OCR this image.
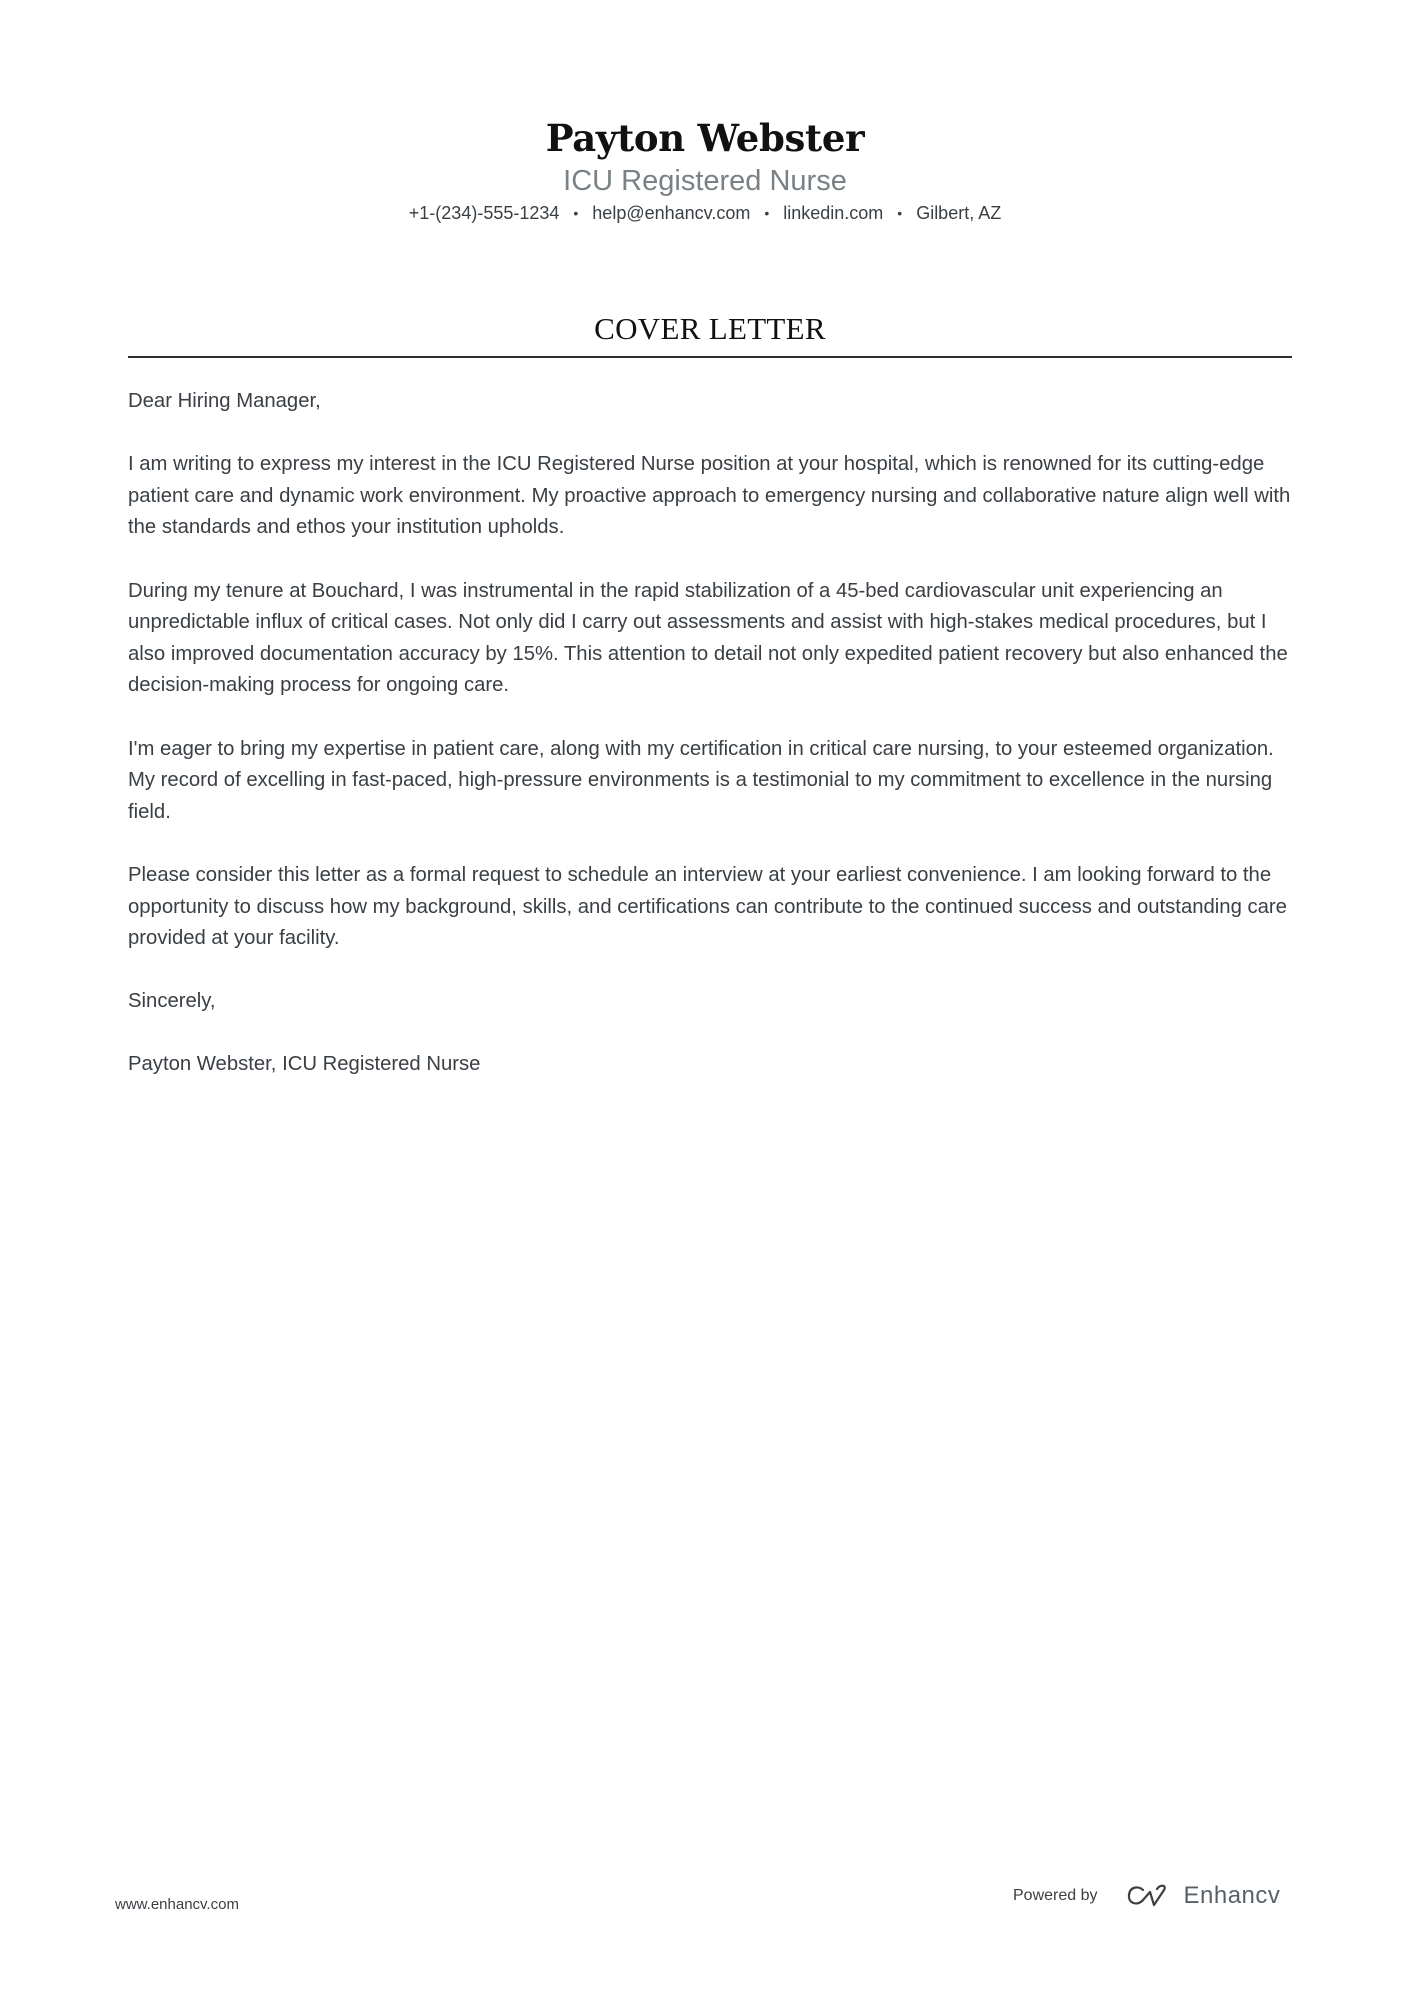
Payton Webster
ICU Registered Nurse
+1-(234)-555-1234 • help@enhancv.com • linkedin.com • Gilbert, AZ
COVER LETTER

Dear Hiring Manager,

I am writing to express my interest in the ICU Registered Nurse position at your hospital, which is renowned for its cutting-edge patient care and dynamic work environment. My proactive approach to emergency nursing and collaborative nature align well with the standards and ethos your institution upholds.

During my tenure at Bouchard, I was instrumental in the rapid stabilization of a 45-bed cardiovascular unit experiencing an unpredictable influx of critical cases. Not only did I carry out assessments and assist with high-stakes medical procedures, but I also improved documentation accuracy by 15%. This attention to detail not only expedited patient recovery but also enhanced the decision-making process for ongoing care.

I'm eager to bring my expertise in patient care, along with my certification in critical care nursing, to your esteemed organization. My record of excelling in fast-paced, high-pressure environments is a testimonial to my commitment to excellence in the nursing field.

Please consider this letter as a formal request to schedule an interview at your earliest convenience. I am looking forward to the opportunity to discuss how my background, skills, and certifications can contribute to the continued success and outstanding care provided at your facility.

Sincerely,

Payton Webster, ICU Registered Nurse

www.enhancv.com
Powered by	Enhancv
